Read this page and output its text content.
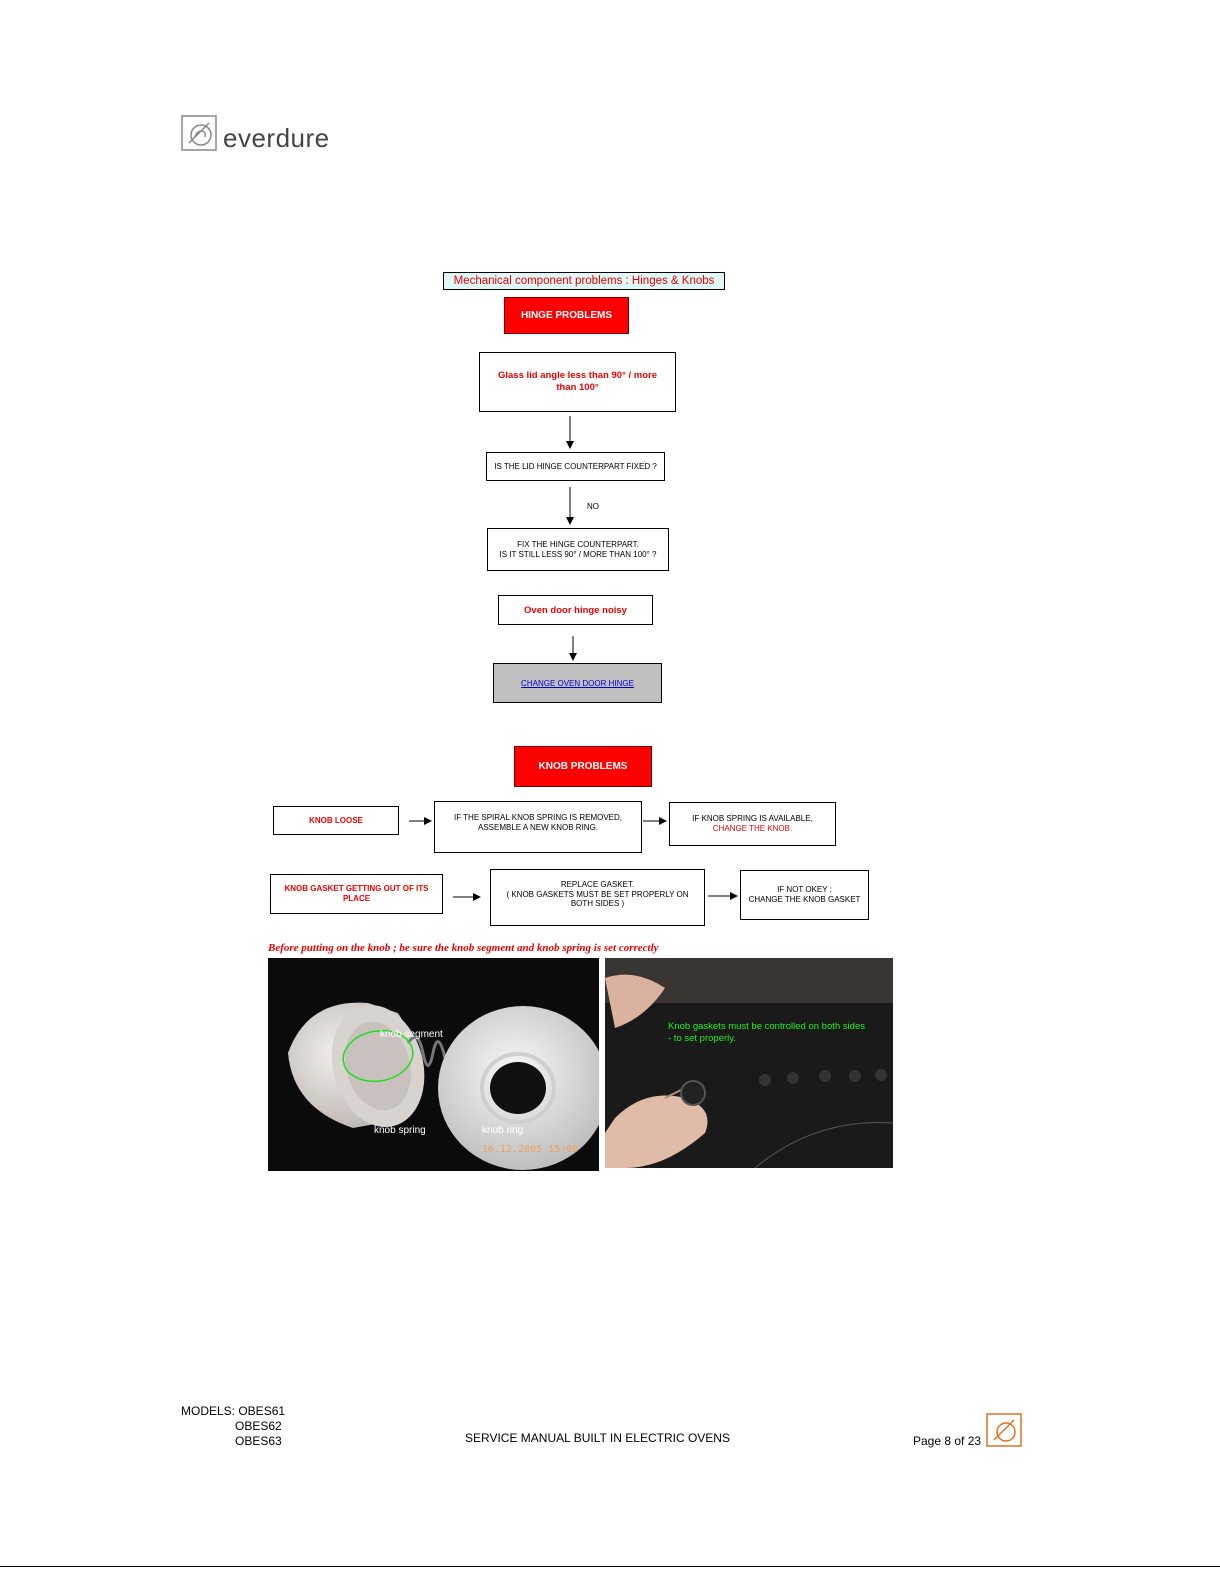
everdure
Mechanical component problems : Hinges & Knobs
HINGE PROBLEMS
Glass lid angle less than 90° / more than 100°
IS THE LID HINGE COUNTERPART FIXED ?
NO
FIX THE HINGE COUNTERPART.
IS IT STILL LESS 90° / MORE THAN 100° ?
Oven door hinge noisy
CHANGE OVEN DOOR HINGE
KNOB PROBLEMS
KNOB LOOSE	IF THE SPIRAL KNOB SPRING IS REMOVED,
ASSEMBLE A NEW KNOB RING.
IF KNOB SPRING IS AVAILABLE,
CHANGE THE KNOB.
KNOB GASKET GETTING OUT OF ITS PLACE
REPLACE GASKET.
( KNOB GASKETS MUST BE SET PROPERLY ON BOTH SIDES )
IF NOT OKEY ;
CHANGE THE KNOB GASKET
Before putting on the knob ; be sure the knob segment and knob spring is set correctly
knob segment
knob spring	knob ring
16.12.2005 15:08
Knob gaskets must be controlled on both sides - to set properly.
MODELS: OBES61
OBES62
OBES63	SERVICE MANUAL BUILT IN ELECTRIC OVENS	Page 8 of 23
